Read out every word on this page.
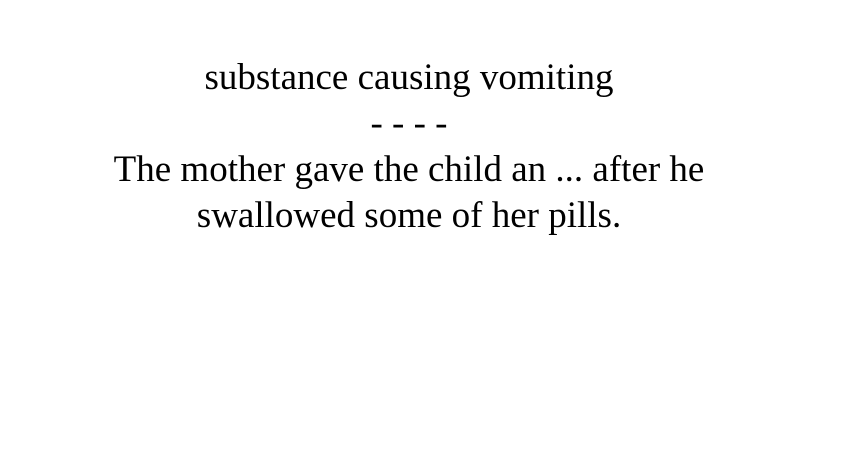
substance causing vomiting
- - - -
The mother gave the child an ... after he swallowed some of her pills.
